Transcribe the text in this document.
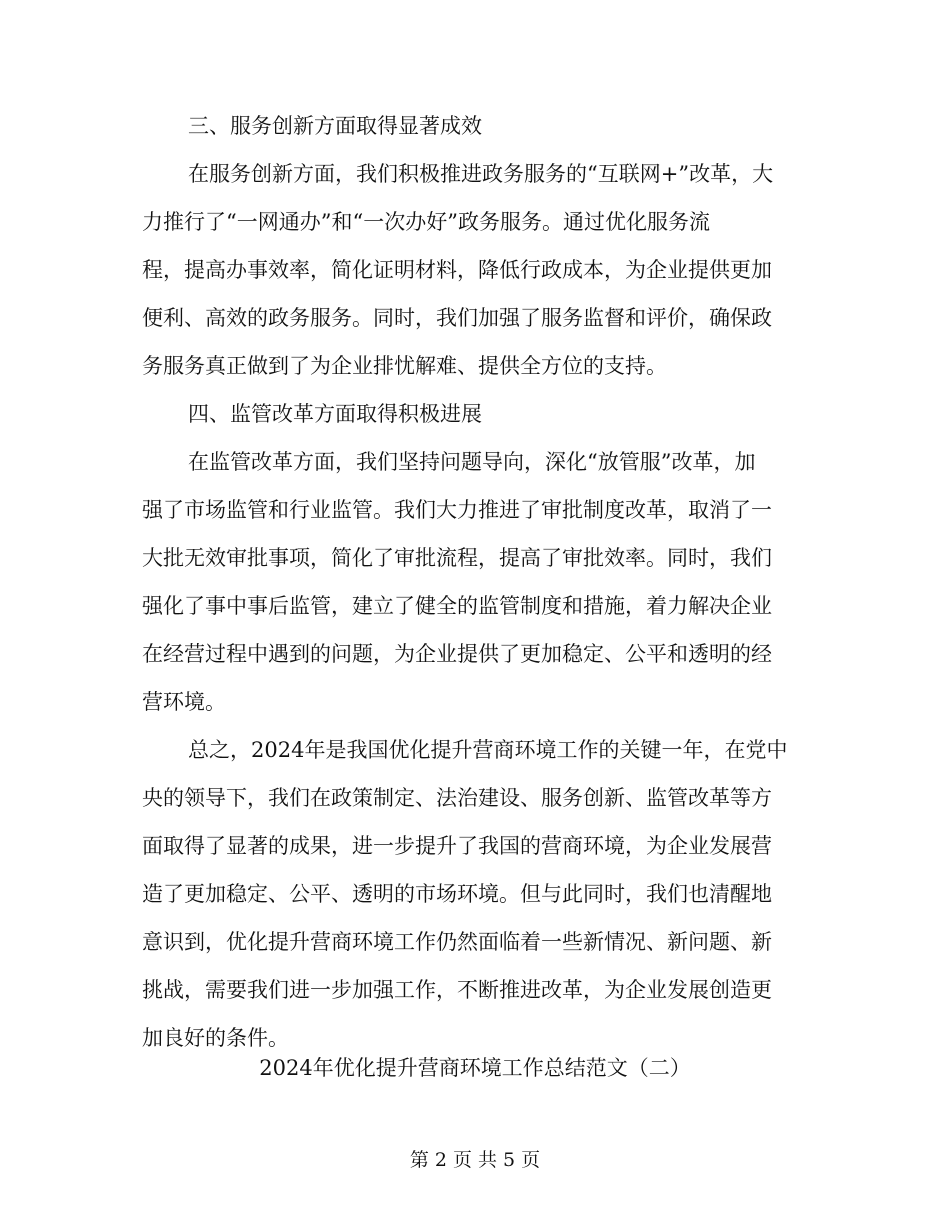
三、服务创新方面取得显著成效
在服务创新方面，我们积极推进政务服务的“互联网+”改革，大
力推行了“一网通办”和“一次办好”政务服务。通过优化服务流
程，提高办事效率，简化证明材料，降低行政成本，为企业提供更加
便利、高效的政务服务。同时，我们加强了服务监督和评价，确保政
务服务真正做到了为企业排忧解难、提供全方位的支持。
四、监管改革方面取得积极进展
在监管改革方面，我们坚持问题导向，深化“放管服”改革，加
强了市场监管和行业监管。我们大力推进了审批制度改革，取消了一
大批无效审批事项，简化了审批流程，提高了审批效率。同时，我们
强化了事中事后监管，建立了健全的监管制度和措施，着力解决企业
在经营过程中遇到的问题，为企业提供了更加稳定、公平和透明的经
营环境。
总之，2024年是我国优化提升营商环境工作的关键一年，在党中
央的领导下，我们在政策制定、法治建设、服务创新、监管改革等方
面取得了显著的成果，进一步提升了我国的营商环境，为企业发展营
造了更加稳定、公平、透明的市场环境。但与此同时，我们也清醒地
意识到，优化提升营商环境工作仍然面临着一些新情况、新问题、新
挑战，需要我们进一步加强工作，不断推进改革，为企业发展创造更
加良好的条件。
2024年优化提升营商环境工作总结范文（二）
第 2 页 共 5 页
